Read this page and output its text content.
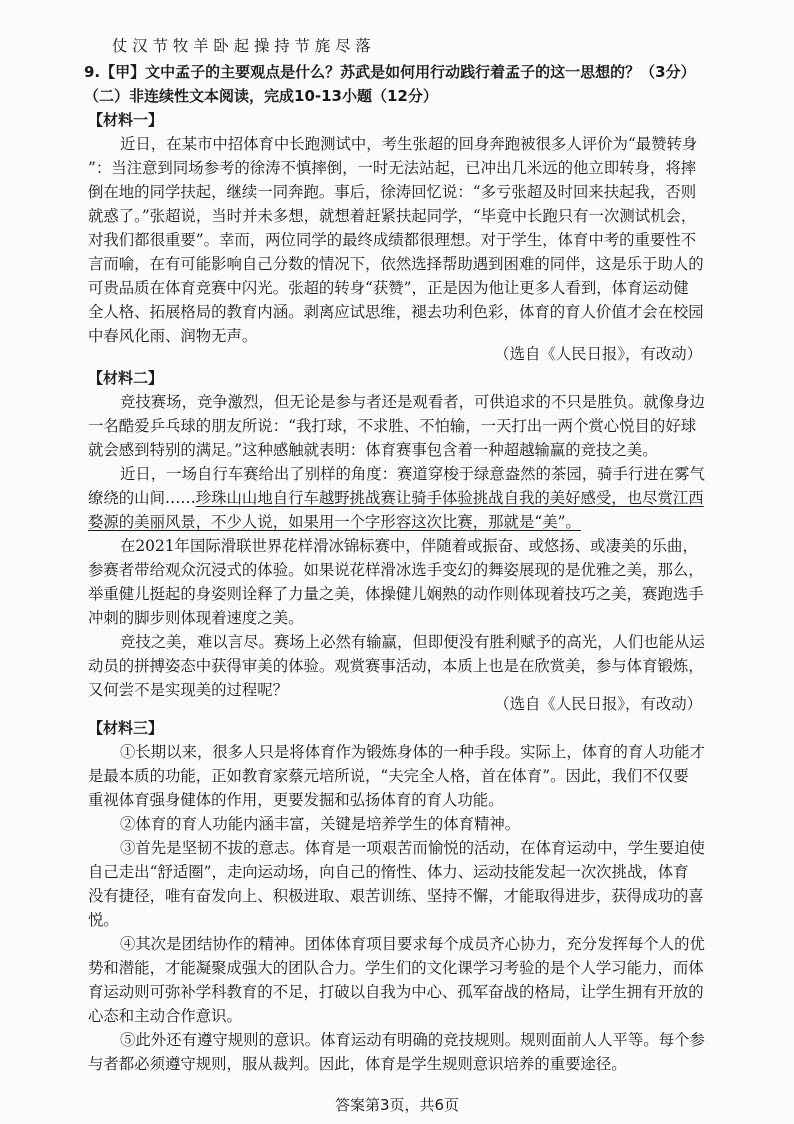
仗 汉 节 牧 羊 卧 起 操 持 节 旄 尽 落
9.【甲】文中孟子的主要观点是什么？苏武是如何用行动践行着孟子的这一思想的？（3分）
（二）非连续性文本阅读，完成10-13小题（12分）
【材料一】
近日，在某市中招体育中长跑测试中，考生张超的回身奔跑被很多人评价为“最赞转身
”：当注意到同场参考的徐涛不慎摔倒，一时无法站起，已冲出几米远的他立即转身，将摔
倒在地的同学扶起，继续一同奔跑。事后，徐涛回忆说：“多亏张超及时回来扶起我，否则
就惑了。”张超说，当时并未多想，就想着赶紧扶起同学，“毕竟中长跑只有一次测试机会，
对我们都很重要”。幸而，两位同学的最终成绩都很理想。对于学生，体育中考的重要性不
言而喻，在有可能影响自己分数的情况下，依然选择帮助遇到困难的同伴，这是乐于助人的
可贵品质在体育竞赛中闪光。张超的转身“获赞”，正是因为他让更多人看到，体育运动健
全人格、拓展格局的教育内涵。剥离应试思维，褪去功利色彩，体育的育人价值才会在校园
中春风化雨、润物无声。
（选自《人民日报》，有改动）
【材料二】
竞技赛场，竞争激烈，但无论是参与者还是观看者，可供追求的不只是胜负。就像身边
一名酷爱乒乓球的朋友所说：“我打球，不求胜、不怕输，一天打出一两个赏心悦目的好球
就会感到特别的满足。”这种感触就表明：体育赛事包含着一种超越输赢的竞技之美。
近日，一场自行车赛给出了别样的角度：赛道穿梭于绿意盎然的茶园，骑手行进在雾气
缭绕的山间……珍珠山山地自行车越野挑战赛让骑手体验挑战自我的美好感受，也尽赏江西
婺源的美丽风景，不少人说，如果用一个字形容这次比赛，那就是“美”。
在2021年国际滑联世界花样滑冰锦标赛中，伴随着或振奋、或悠扬、或凄美的乐曲，
参赛者带给观众沉浸式的体验。如果说花样滑冰选手变幻的舞姿展现的是优雅之美，那么，
举重健儿挺起的身姿则诠释了力量之美，体操健儿娴熟的动作则体现着技巧之美，赛跑选手
冲刺的脚步则体现着速度之美。
竞技之美，难以言尽。赛场上必然有输赢，但即便没有胜利赋予的高光，人们也能从运
动员的拼搏姿态中获得审美的体验。观赏赛事活动，本质上也是在欣赏美，参与体育锻炼，
又何尝不是实现美的过程呢？
（选自《人民日报》，有改动）
【材料三】
①长期以来，很多人只是将体育作为锻炼身体的一种手段。实际上，体育的育人功能才
是最本质的功能，正如教育家蔡元培所说，“夫完全人格，首在体育”。因此，我们不仅要
重视体育强身健体的作用，更要发掘和弘扬体育的育人功能。
②体育的育人功能内涵丰富，关键是培养学生的体育精神。
③首先是坚韧不拔的意志。体育是一项艰苦而愉悦的活动，在体育运动中，学生要迫使
自己走出“舒适圈”，走向运动场，向自己的惰性、体力、运动技能发起一次次挑战，体育
没有捷径，唯有奋发向上、积极进取、艰苦训练、坚持不懈，才能取得进步，获得成功的喜
悦。
④其次是团结协作的精神。团体体育项目要求每个成员齐心协力，充分发挥每个人的优
势和潜能，才能凝聚成强大的团队合力。学生们的文化课学习考验的是个人学习能力，而体
育运动则可弥补学科教育的不足，打破以自我为中心、孤军奋战的格局，让学生拥有开放的
心态和主动合作意识。
⑤此外还有遵守规则的意识。体育运动有明确的竞技规则。规则面前人人平等。每个参
与者都必须遵守规则，服从裁判。因此，体育是学生规则意识培养的重要途径。
答案第3页，共6页
